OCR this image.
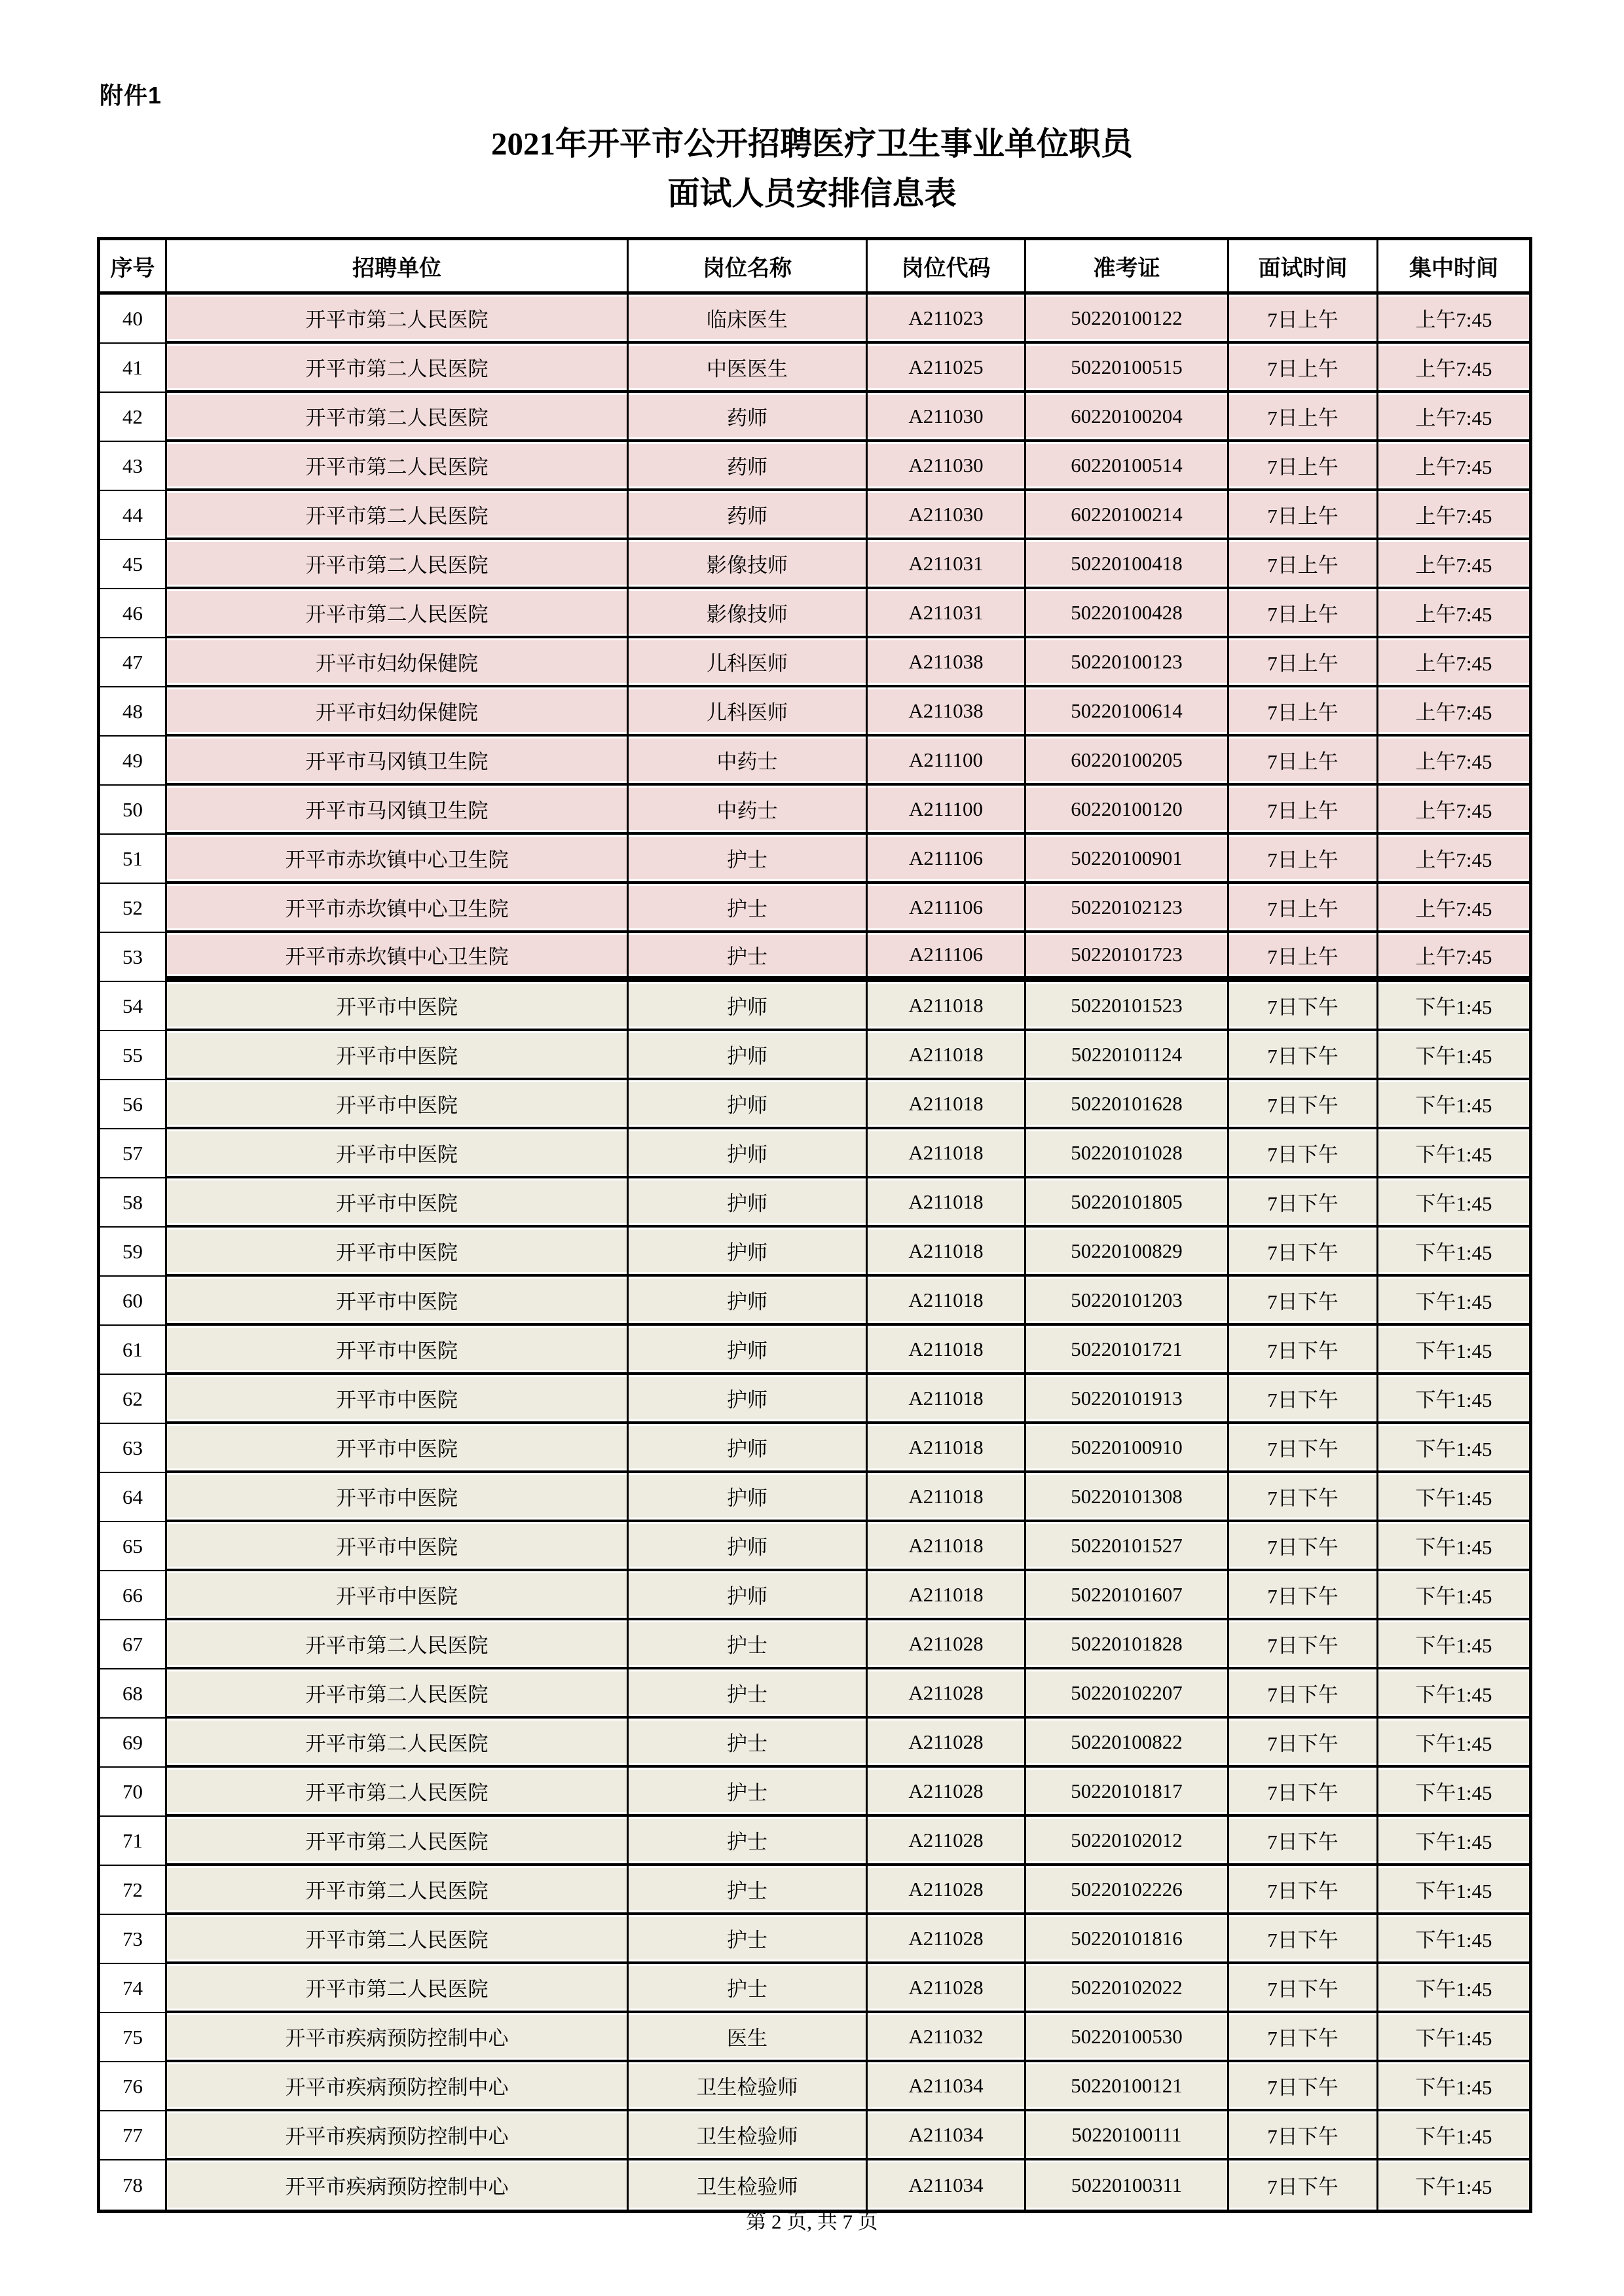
附件1
2021年开平市公开招聘医疗卫生事业单位职员
面试人员安排信息表
序号	招聘单位	岗位名称	岗位代码	准考证	面试时间	集中时间
40	开平市第二人民医院	临床医生	A211023	50220100122	7日上午	上午7:45
41	开平市第二人民医院	中医医生	A211025	50220100515	7日上午	上午7:45
42	开平市第二人民医院	药师	A211030	60220100204	7日上午	上午7:45
43	开平市第二人民医院	药师	A211030	60220100514	7日上午	上午7:45
44	开平市第二人民医院	药师	A211030	60220100214	7日上午	上午7:45
45	开平市第二人民医院	影像技师	A211031	50220100418	7日上午	上午7:45
46	开平市第二人民医院	影像技师	A211031	50220100428	7日上午	上午7:45
47	开平市妇幼保健院	儿科医师	A211038	50220100123	7日上午	上午7:45
48	开平市妇幼保健院	儿科医师	A211038	50220100614	7日上午	上午7:45
49	开平市马冈镇卫生院	中药士	A211100	60220100205	7日上午	上午7:45
50	开平市马冈镇卫生院	中药士	A211100	60220100120	7日上午	上午7:45
51	开平市赤坎镇中心卫生院	护士	A211106	50220100901	7日上午	上午7:45
52	开平市赤坎镇中心卫生院	护士	A211106	50220102123	7日上午	上午7:45
53	开平市赤坎镇中心卫生院	护士	A211106	50220101723	7日上午	上午7:45
54	开平市中医院	护师	A211018	50220101523	7日下午	下午1:45
55	开平市中医院	护师	A211018	50220101124	7日下午	下午1:45
56	开平市中医院	护师	A211018	50220101628	7日下午	下午1:45
57	开平市中医院	护师	A211018	50220101028	7日下午	下午1:45
58	开平市中医院	护师	A211018	50220101805	7日下午	下午1:45
59	开平市中医院	护师	A211018	50220100829	7日下午	下午1:45
60	开平市中医院	护师	A211018	50220101203	7日下午	下午1:45
61	开平市中医院	护师	A211018	50220101721	7日下午	下午1:45
62	开平市中医院	护师	A211018	50220101913	7日下午	下午1:45
63	开平市中医院	护师	A211018	50220100910	7日下午	下午1:45
64	开平市中医院	护师	A211018	50220101308	7日下午	下午1:45
65	开平市中医院	护师	A211018	50220101527	7日下午	下午1:45
66	开平市中医院	护师	A211018	50220101607	7日下午	下午1:45
67	开平市第二人民医院	护士	A211028	50220101828	7日下午	下午1:45
68	开平市第二人民医院	护士	A211028	50220102207	7日下午	下午1:45
69	开平市第二人民医院	护士	A211028	50220100822	7日下午	下午1:45
70	开平市第二人民医院	护士	A211028	50220101817	7日下午	下午1:45
71	开平市第二人民医院	护士	A211028	50220102012	7日下午	下午1:45
72	开平市第二人民医院	护士	A211028	50220102226	7日下午	下午1:45
73	开平市第二人民医院	护士	A211028	50220101816	7日下午	下午1:45
74	开平市第二人民医院	护士	A211028	50220102022	7日下午	下午1:45
75	开平市疾病预防控制中心	医生	A211032	50220100530	7日下午	下午1:45
76	开平市疾病预防控制中心	卫生检验师	A211034	50220100121	7日下午	下午1:45
77	开平市疾病预防控制中心	卫生检验师	A211034	50220100111	7日下午	下午1:45
78	开平市疾病预防控制中心	卫生检验师	A211034	50220100311	7日下午	下午1:45
第 2 页, 共 7 页
